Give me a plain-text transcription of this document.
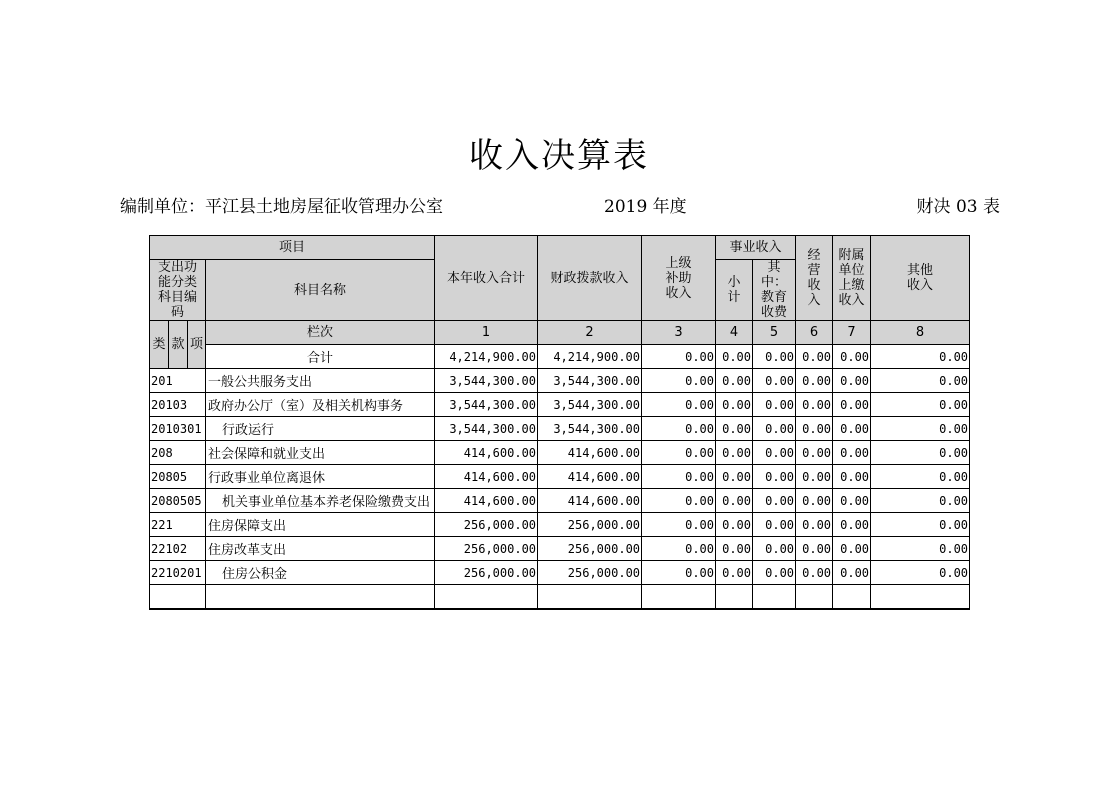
收入决算表
编制单位：平江县土地房屋征收管理办公室	2019 年度	财决 03 表
项目				本年收入合计	财政拨款收入	上级补助收入	事业收入		经营收入	附属单位上缴收入	其他收入
支出功能分类科目编码			科目名称				小计	其中：教育收费			

类	款	项	栏次	1	2	3	4	5	6	7	8
			合计	4,214,900.00	4,214,900.00	0.00	0.00	0.00	0.00	0.00	0.00
201			一般公共服务支出	3,544,300.00	3,544,300.00	0.00	0.00	0.00	0.00	0.00	0.00
20103			政府办公厅（室）及相关机构事务	3,544,300.00	3,544,300.00	0.00	0.00	0.00	0.00	0.00	0.00
2010301			行政运行	3,544,300.00	3,544,300.00	0.00	0.00	0.00	0.00	0.00	0.00
208			社会保障和就业支出	414,600.00	414,600.00	0.00	0.00	0.00	0.00	0.00	0.00
20805			行政事业单位离退休	414,600.00	414,600.00	0.00	0.00	0.00	0.00	0.00	0.00
2080505			机关事业单位基本养老保险缴费支出	414,600.00	414,600.00	0.00	0.00	0.00	0.00	0.00	0.00
221			住房保障支出	256,000.00	256,000.00	0.00	0.00	0.00	0.00	0.00	0.00
22102			住房改革支出	256,000.00	256,000.00	0.00	0.00	0.00	0.00	0.00	0.00
2210201			住房公积金	256,000.00	256,000.00	0.00	0.00	0.00	0.00	0.00	0.00
